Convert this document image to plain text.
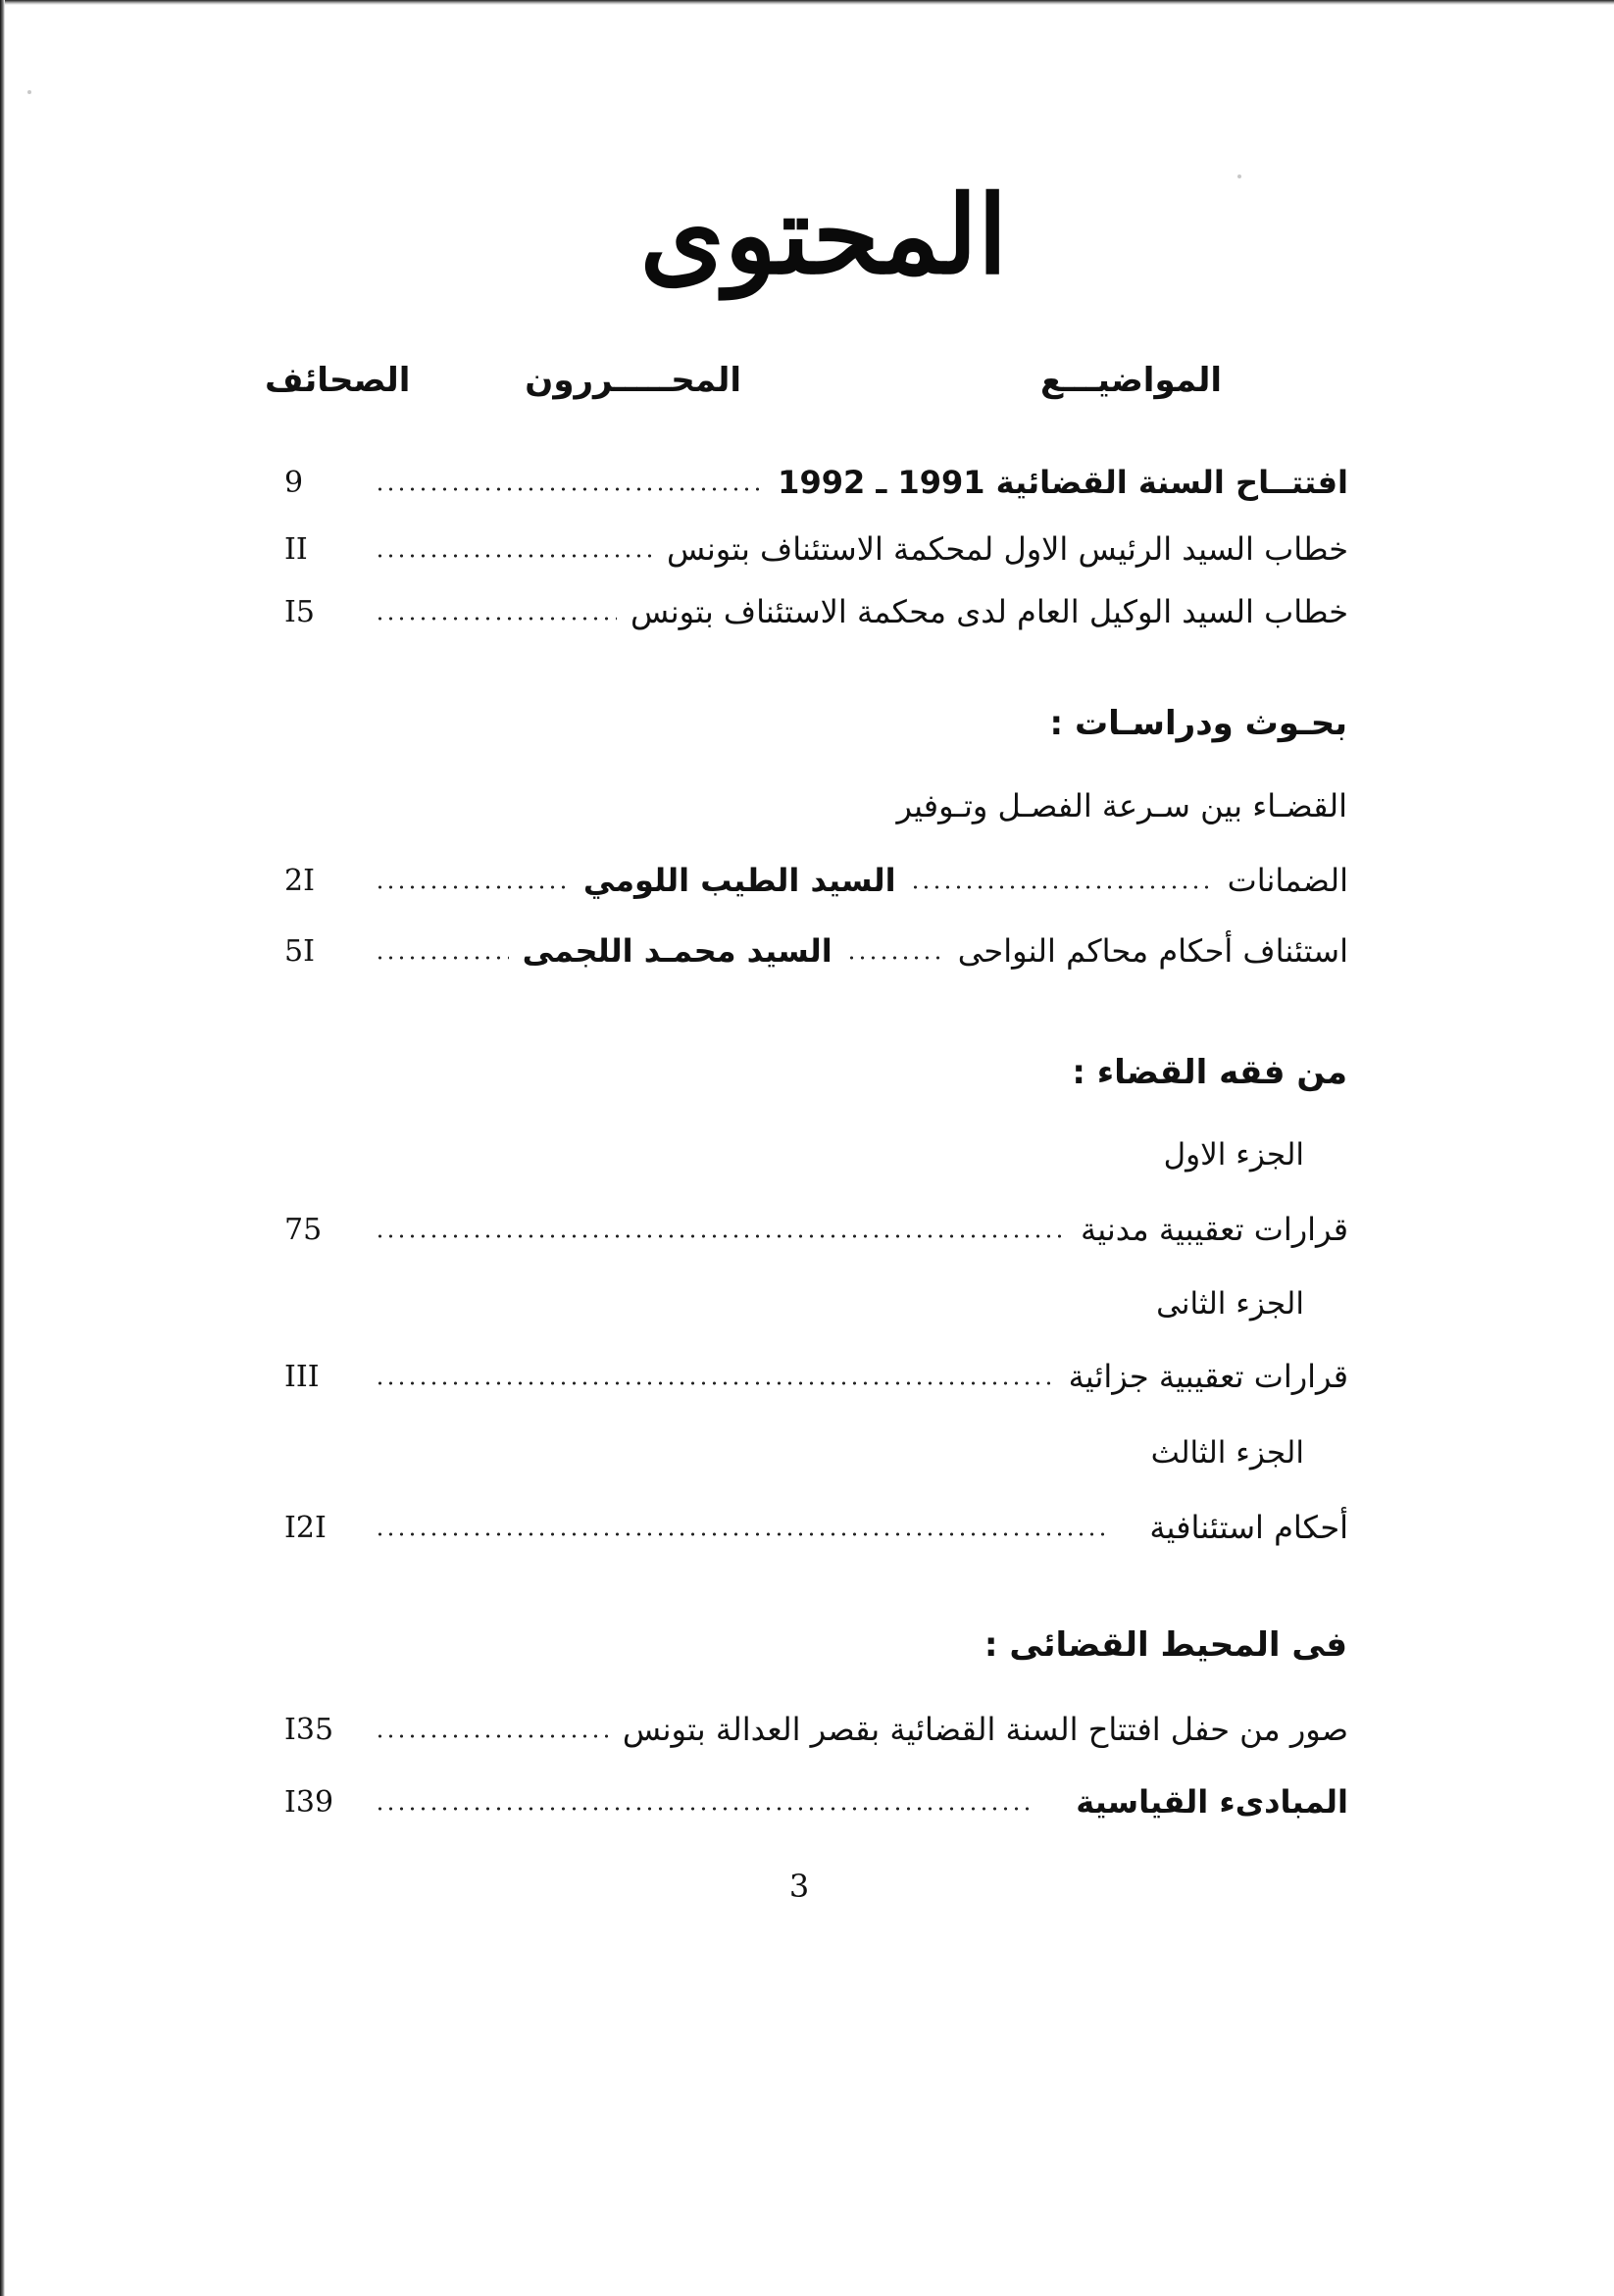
المحتوى
المواضيـــع
المحـــــررون
الصحائف
افتتــاح السنة القضائية 1991 ـ 1992
9
خطاب السيد الرئيس الاول لمحكمة الاستئناف بتونس
II
خطاب السيد الوكيل العام لدى محكمة الاستئناف بتونس
I5
بحـوث ودراسـات :
القضـاء بين سـرعة الفصـل وتـوفير
الضمانات
السيد الطيب اللومي
2I
استئناف أحكام محاكم النواحى
السيد محمـد اللجمى
5I
من فقه القضاء :
الجزء الاول
قرارات تعقيبية مدنية
75
الجزء الثانى
قرارات تعقيبية جزائية
III
الجزء الثالث
أحكام استئنافية
I2I
فى المحيط القضائى :
صور من حفل افتتاح السنة القضائية بقصر العدالة بتونس
I35
المبادىء القياسية
I39
3
